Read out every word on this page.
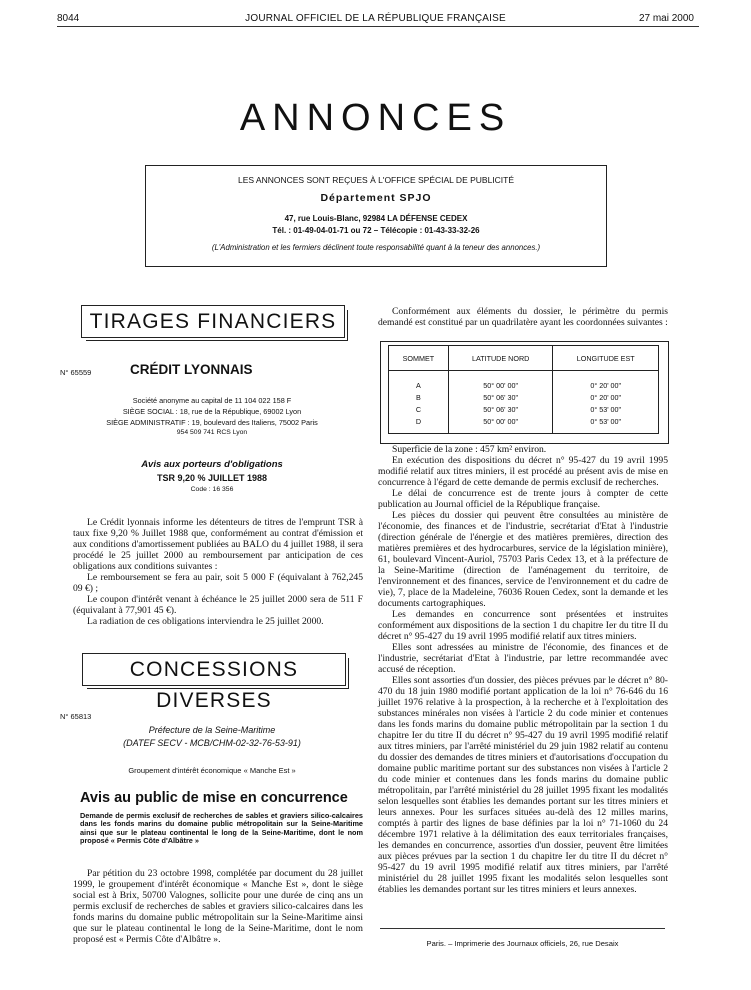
8044	JOURNAL OFFICIEL DE LA RÉPUBLIQUE FRANÇAISE	27 mai 2000
ANNONCES
LES ANNONCES SONT REÇUES À L'OFFICE SPÉCIAL DE PUBLICITÉ
Département SPJO
47, rue Louis-Blanc, 92984 LA DÉFENSE CEDEX
Tél. : 01-49-04-01-71 ou 72 – Télécopie : 01-43-33-32-26
(L'Administration et les fermiers déclinent toute responsabilité quant à la teneur des annonces.)
TIRAGES FINANCIERS
N° 65559	CRÉDIT LYONNAIS
Société anonyme au capital de 11 104 022 158 F
SIÈGE SOCIAL : 18, rue de la République, 69002 Lyon
SIÈGE ADMINISTRATIF : 19, boulevard des Italiens, 75002 Paris
954 509 741 RCS Lyon
Avis aux porteurs d'obligations
TSR 9,20 % JUILLET 1988
Code : 16 356

Le Crédit lyonnais informe les détenteurs de titres de l'emprunt TSR à taux fixe 9,20 % Juillet 1988 que, conformément au contrat d'émission et aux conditions d'amortissement publiées au BALO du 4 juillet 1988, il sera procédé le 25 juillet 2000 au remboursement par anticipation de ces obligations aux conditions suivantes :

Le remboursement se fera au pair, soit 5 000 F (équivalant à 762,245 09 €) ;

Le coupon d'intérêt venant à échéance le 25 juillet 2000 sera de 511 F (équivalant à 77,901 45 €).

La radiation de ces obligations interviendra le 25 juillet 2000.

CONCESSIONS DIVERSES
N° 65813
Préfecture de la Seine-Maritime
(DATEF SECV - MCB/CHM-02-32-76-53-91)
Groupement d'intérêt économique « Manche Est »
Avis au public de mise en concurrence
Demande de permis exclusif de recherches de sables et graviers silico-calcaires dans les fonds marins du domaine public métropolitain sur la Seine-Maritime ainsi que sur le plateau continental le long de la Seine-Maritime, dont le nom proposé « Permis Côte d'Albâtre »

Par pétition du 23 octobre 1998, complétée par document du 28 juillet 1999, le groupement d'intérêt économique « Manche Est », dont le siège social est à Brix, 50700 Valognes, sollicite pour une durée de cinq ans un permis exclusif de recherches de sables et graviers silico-calcaires dans les fonds marins du domaine public métropolitain sur la Seine-Maritime ainsi que sur le plateau continental le long de la Seine-Maritime, dont le nom proposé est « Permis Côte d'Albâtre ».

Conformément aux éléments du dossier, le périmètre du permis demandé est constitué par un quadrilatère ayant les coordonnées suivantes :

SOMMET	LATITUDE NORD	LONGITUDE EST
A	50° 00' 00"	0° 20' 00"
B	50° 06' 30"	0° 20' 00"
C	50° 06' 30"	0° 53' 00"
D	50° 00' 00"	0° 53' 00"

Superficie de la zone : 457 km² environ.

En exécution des dispositions du décret n° 95-427 du 19 avril 1995 modifié relatif aux titres miniers, il est procédé au présent avis de mise en concurrence à l'égard de cette demande de permis exclusif de recherches.

Le délai de concurrence est de trente jours à compter de cette publication au Journal officiel de la République française.

Les pièces du dossier qui peuvent être consultées au ministère de l'économie, des finances et de l'industrie, secrétariat d'Etat à l'industrie (direction générale de l'énergie et des matières premières, direction des matières premières et des hydrocarbures, service de la législation minière), 61, boulevard Vincent-Auriol, 75703 Paris Cedex 13, et à la préfecture de la Seine-Maritime (direction de l'aménagement du territoire, de l'environnement et des finances, service de l'environnement et du cadre de vie), 7, place de la Madeleine, 76036 Rouen Cedex, sont la demande et les documents cartographiques.

Les demandes en concurrence sont présentées et instruites conformément aux dispositions de la section 1 du chapitre Ier du titre II du décret n° 95-427 du 19 avril 1995 modifié relatif aux titres miniers.

Elles sont adressées au ministre de l'économie, des finances et de l'industrie, secrétariat d'Etat à l'industrie, par lettre recommandée avec accusé de réception.

Elles sont assorties d'un dossier, des pièces prévues par le décret n° 80-470 du 18 juin 1980 modifié portant application de la loi n° 76-646 du 16 juillet 1976 relative à la prospection, à la recherche et à l'exploitation des substances minérales non visées à l'article 2 du code minier et contenues dans les fonds marins du domaine public métropolitain par la section 1 du chapitre Ier du titre II du décret n° 95-427 du 19 avril 1995 modifié relatif aux titres miniers, par l'arrêté ministériel du 29 juin 1982 relatif au contenu du dossier des demandes de titres miniers et d'autorisations d'occupation du domaine public maritime portant sur des substances non visées à l'article 2 du code minier et contenues dans les fonds marins du domaine public métropolitain, par l'arrêté ministériel du 28 juillet 1995 fixant les modalités selon lesquelles sont établies les demandes portant sur les titres miniers et leurs annexes. Pour les surfaces situées au-delà des 12 milles marins, comptés à partir des lignes de base définies par la loi n° 71-1060 du 24 décembre 1971 relative à la délimitation des eaux territoriales françaises, les demandes en concurrence, assorties d'un dossier, peuvent être limitées aux pièces prévues par la section 1 du chapitre Ier du titre II du décret n° 95-427 du 19 avril 1995 modifié relatif aux titres miniers, par l'arrêté ministériel du 28 juillet 1995 fixant les modalités selon lesquelles sont établies les demandes portant sur les titres miniers et leurs annexes.

Paris. – Imprimerie des Journaux officiels, 26, rue Desaix
